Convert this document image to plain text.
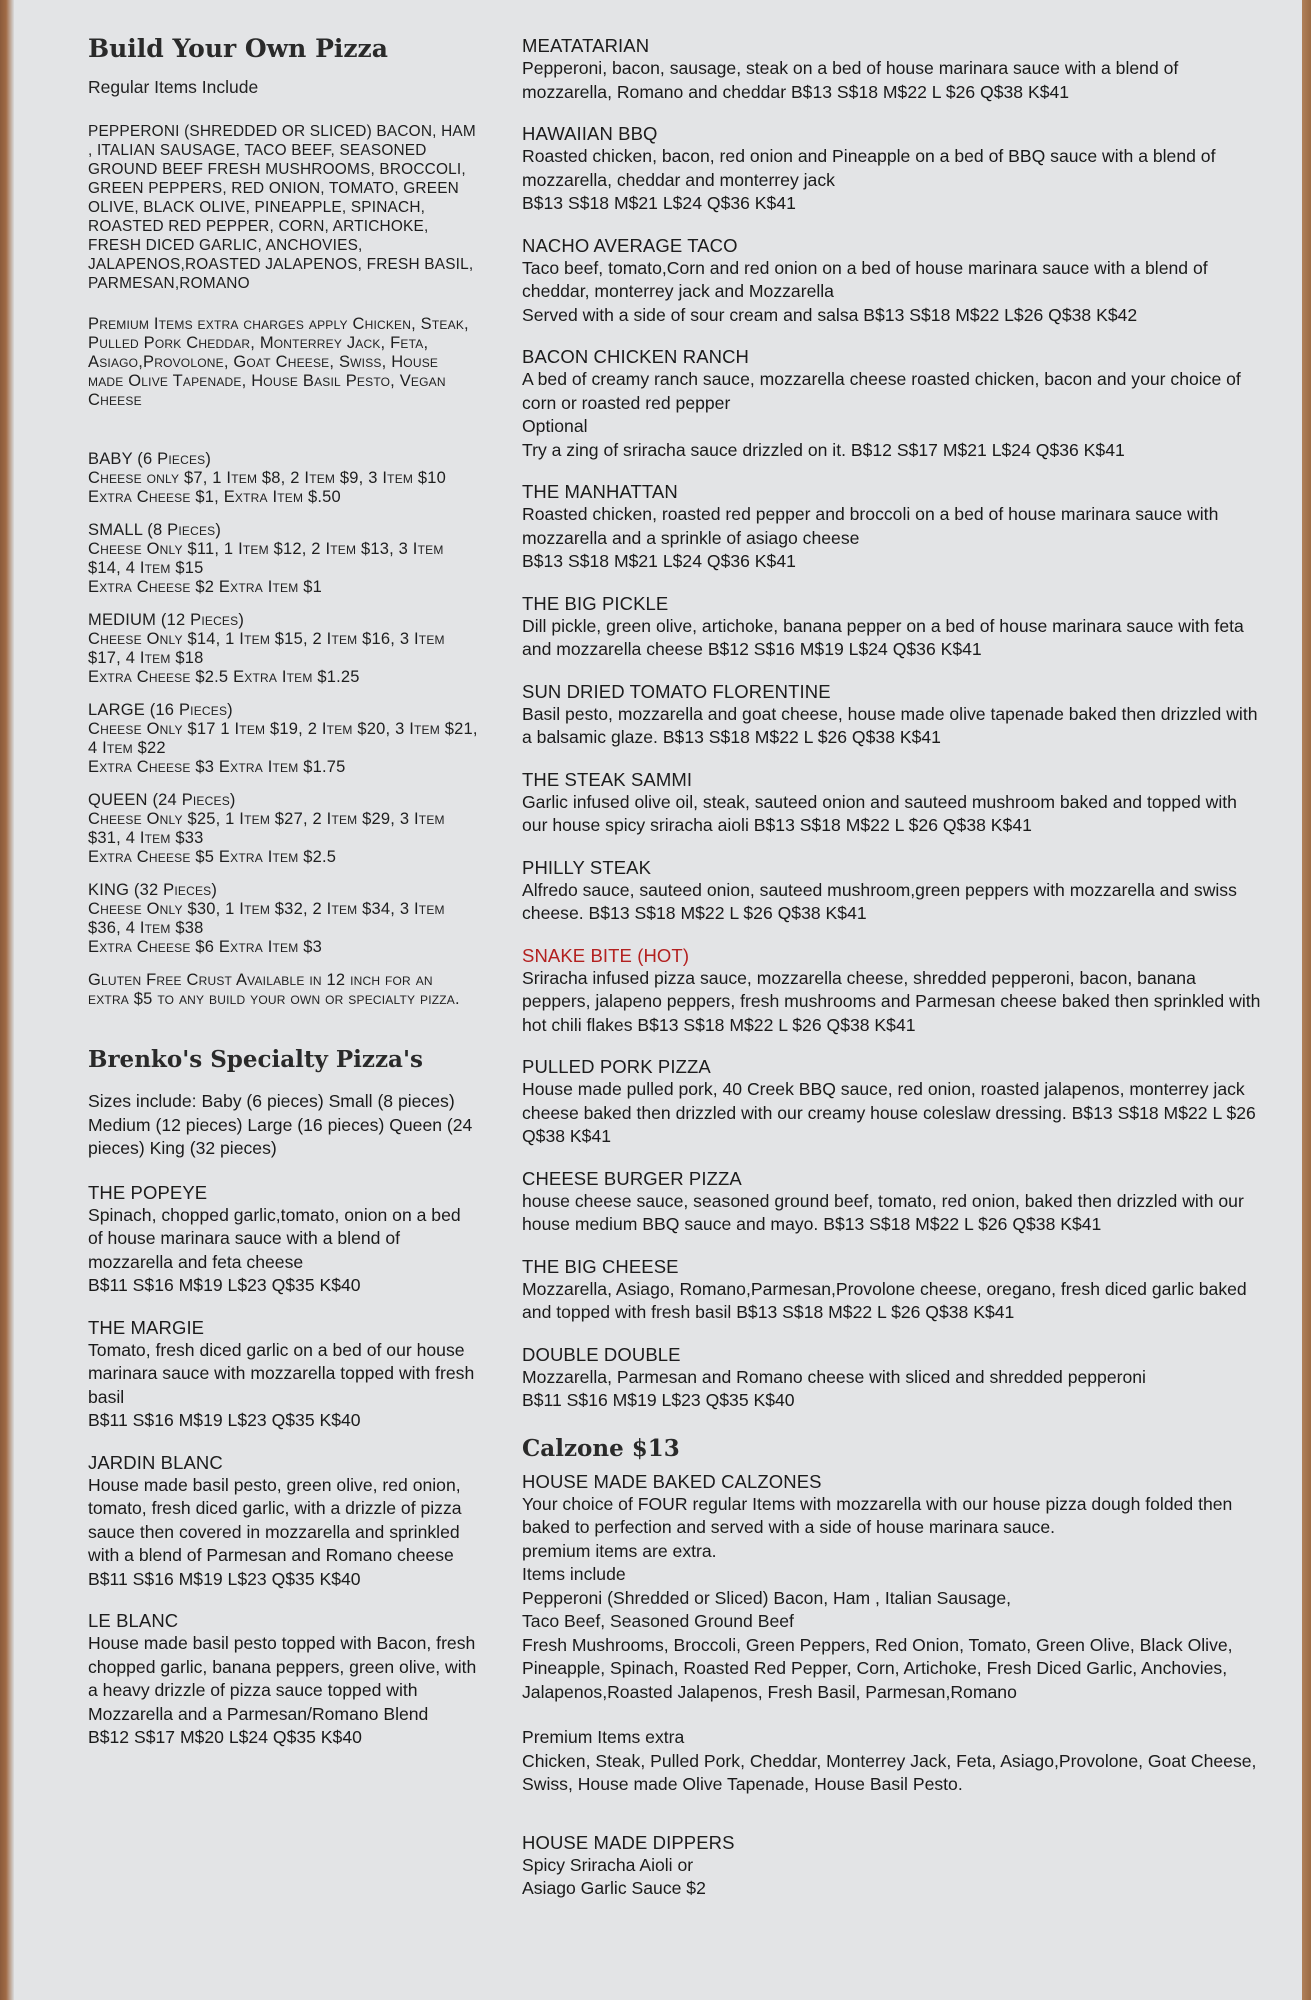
Build Your Own Pizza

Regular Items Include

PEPPERONI (SHREDDED OR SLICED) BACON, HAM , ITALIAN SAUSAGE, TACO BEEF, SEASONED GROUND BEEF FRESH MUSHROOMS, BROCCOLI, GREEN PEPPERS, RED ONION, TOMATO, GREEN OLIVE, BLACK OLIVE, PINEAPPLE, SPINACH, ROASTED RED PEPPER, CORN, ARTICHOKE, FRESH DICED GARLIC, ANCHOVIES, JALAPENOS,ROASTED JALAPENOS, FRESH BASIL, PARMESAN,ROMANO

Premium Items extra charges apply Chicken, Steak, Pulled Pork Cheddar, Monterrey Jack, Feta, Asiago,Provolone, Goat Cheese, Swiss, House made Olive Tapenade, House Basil Pesto, Vegan Cheese

BABY (6 Pieces)

Cheese only $7, 1 Item $8, 2 Item $9, 3 Item $10 Extra Cheese $1, Extra Item $.50

SMALL (8 Pieces)

Cheese Only $11, 1 Item $12, 2 Item $13, 3 Item $14, 4 Item $15

Extra Cheese $2 Extra Item $1

MEDIUM (12 Pieces)

Cheese Only $14, 1 Item $15, 2 Item $16, 3 Item $17, 4 Item $18

Extra Cheese $2.5 Extra Item $1.25

LARGE (16 Pieces)

Cheese Only $17 1 Item $19, 2 Item $20, 3 Item $21, 4 Item $22

Extra Cheese $3 Extra Item $1.75

QUEEN (24 Pieces)

Cheese Only $25, 1 Item $27, 2 Item $29, 3 Item $31, 4 Item $33

Extra Cheese $5 Extra Item $2.5

KING (32 Pieces)

Cheese Only $30, 1 Item $32, 2 Item $34, 3 Item $36, 4 Item $38

Extra Cheese $6 Extra Item $3

Gluten Free Crust Available in 12 inch for an extra $5 to any build your own or specialty pizza.

Brenko's Specialty Pizza's

Sizes include: Baby (6 pieces) Small (8 pieces) Medium (12 pieces) Large (16 pieces) Queen (24 pieces) King (32 pieces)

THE POPEYE

Spinach, chopped garlic,tomato, onion on a bed of house marinara sauce with a blend of mozzarella and feta cheese

B$11 S$16 M$19 L$23 Q$35 K$40

THE MARGIE

Tomato, fresh diced garlic on a bed of our house marinara sauce with mozzarella topped with fresh basil

B$11 S$16 M$19 L$23 Q$35 K$40

JARDIN BLANC

House made basil pesto, green olive, red onion, tomato, fresh diced garlic, with a drizzle of pizza sauce then covered in mozzarella and sprinkled with a blend of Parmesan and Romano cheese

B$11 S$16 M$19 L$23 Q$35 K$40

LE BLANC

House made basil pesto topped with Bacon, fresh chopped garlic, banana peppers, green olive, with a heavy drizzle of pizza sauce topped with Mozzarella and a Parmesan/Romano Blend

B$12 S$17 M$20 L$24 Q$35 K$40

MEATATARIAN

Pepperoni, bacon, sausage, steak on a bed of house marinara sauce with a blend of mozzarella, Romano and cheddar B$13 S$18 M$22 L $26 Q$38 K$41

HAWAIIAN BBQ

Roasted chicken, bacon, red onion and Pineapple on a bed of BBQ sauce with a blend of mozzarella, cheddar and monterrey jack

B$13 S$18 M$21 L$24 Q$36 K$41

NACHO AVERAGE TACO

Taco beef, tomato,Corn and red onion on a bed of house marinara sauce with a blend of cheddar, monterrey jack and Mozzarella

Served with a side of sour cream and salsa B$13 S$18 M$22 L$26 Q$38 K$42

BACON CHICKEN RANCH

A bed of creamy ranch sauce, mozzarella cheese roasted chicken, bacon and your choice of corn or roasted red pepper

Optional

Try a zing of sriracha sauce drizzled on it. B$12 S$17 M$21 L$24 Q$36 K$41

THE MANHATTAN

Roasted chicken, roasted red pepper and broccoli on a bed of house marinara sauce with mozzarella and a sprinkle of asiago cheese

B$13 S$18 M$21 L$24 Q$36 K$41

THE BIG PICKLE

Dill pickle, green olive, artichoke, banana pepper on a bed of house marinara sauce with feta and mozzarella cheese B$12 S$16 M$19 L$24 Q$36 K$41

SUN DRIED TOMATO FLORENTINE

Basil pesto, mozzarella and goat cheese, house made olive tapenade baked then drizzled with a balsamic glaze. B$13 S$18 M$22 L $26 Q$38 K$41

THE STEAK SAMMI

Garlic infused olive oil, steak, sauteed onion and sauteed mushroom baked and topped with our house spicy sriracha aioli B$13 S$18 M$22 L $26 Q$38 K$41

PHILLY STEAK

Alfredo sauce, sauteed onion, sauteed mushroom,green peppers with mozzarella and swiss cheese. B$13 S$18 M$22 L $26 Q$38 K$41

SNAKE BITE (HOT)

Sriracha infused pizza sauce, mozzarella cheese, shredded pepperoni, bacon, banana peppers, jalapeno peppers, fresh mushrooms and Parmesan cheese baked then sprinkled with hot chili flakes B$13 S$18 M$22 L $26 Q$38 K$41

PULLED PORK PIZZA

House made pulled pork, 40 Creek BBQ sauce, red onion, roasted jalapenos, monterrey jack cheese baked then drizzled with our creamy house coleslaw dressing. B$13 S$18 M$22 L $26 Q$38 K$41

CHEESE BURGER PIZZA

house cheese sauce, seasoned ground beef, tomato, red onion, baked then drizzled with our house medium BBQ sauce and mayo. B$13 S$18 M$22 L $26 Q$38 K$41

THE BIG CHEESE

Mozzarella, Asiago, Romano,Parmesan,Provolone cheese, oregano, fresh diced garlic baked and topped with fresh basil B$13 S$18 M$22 L $26 Q$38 K$41

DOUBLE DOUBLE

Mozzarella, Parmesan and Romano cheese with sliced and shredded pepperoni

B$11 S$16 M$19 L$23 Q$35 K$40

Calzone $13

HOUSE MADE BAKED CALZONES

Your choice of FOUR regular Items with mozzarella with our house pizza dough folded then baked to perfection and served with a side of house marinara sauce.

premium items are extra.

Items include

Pepperoni (Shredded or Sliced) Bacon, Ham , Italian Sausage,

Taco Beef, Seasoned Ground Beef

Fresh Mushrooms, Broccoli, Green Peppers, Red Onion, Tomato, Green Olive, Black Olive, Pineapple, Spinach, Roasted Red Pepper, Corn, Artichoke, Fresh Diced Garlic, Anchovies, Jalapenos,Roasted Jalapenos, Fresh Basil, Parmesan,Romano

Premium Items extra

Chicken, Steak, Pulled Pork, Cheddar, Monterrey Jack, Feta, Asiago,Provolone, Goat Cheese, Swiss, House made Olive Tapenade, House Basil Pesto.

HOUSE MADE DIPPERS

Spicy Sriracha Aioli or

Asiago Garlic Sauce $2
